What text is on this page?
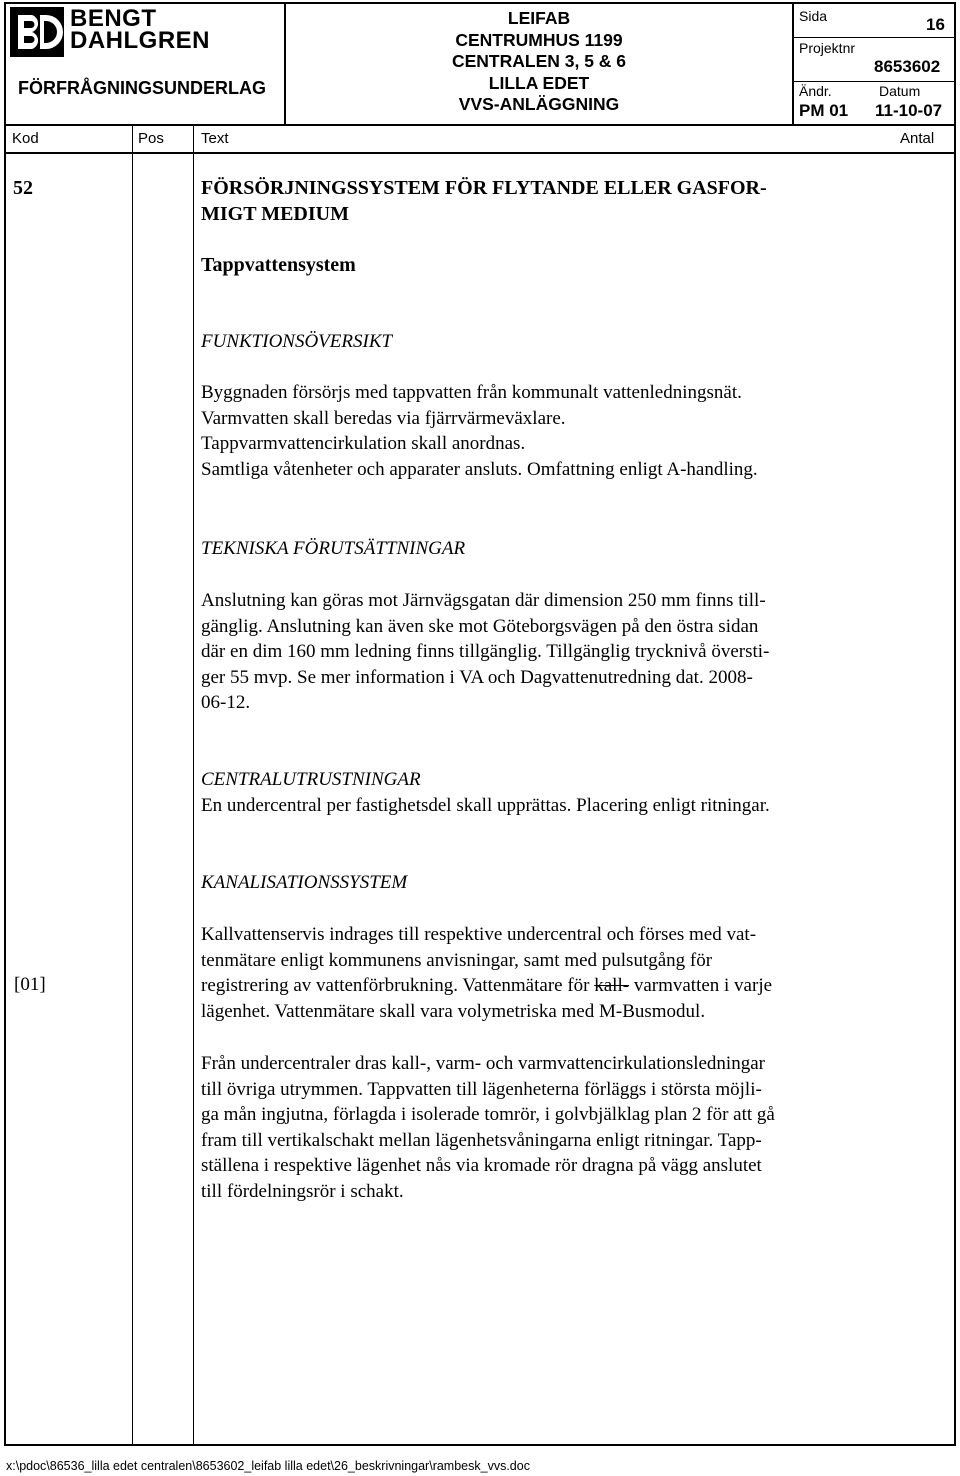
BENGT
DAHLGREN
FÖRFRÅGNINGSUNDERLAG
LEIFAB
CENTRUMHUS 1199
CENTRALEN 3, 5 & 6
LILLA EDET
VVS-ANLÄGGNING
Sida	16
Projektnr
8653602
Ändr.	Datum
PM 01 11-10-07
Kod	Pos Text	Antal
52	FÖRSÖRJNINGSSYSTEM FÖR FLYTANDE ELLER GASFOR-
MIGT MEDIUM
Tappvattensystem
FUNKTIONSÖVERSIKT
Byggnaden försörjs med tappvatten från kommunalt vattenledningsnät.
Varmvatten skall beredas via fjärrvärmeväxlare.
Tappvarmvattencirkulation skall anordnas.
Samtliga våtenheter och apparater ansluts. Omfattning enligt A-handling.
TEKNISKA FÖRUTSÄTTNINGAR
Anslutning kan göras mot Järnvägsgatan där dimension 250 mm finns till-
gänglig. Anslutning kan även ske mot Göteborgsvägen på den östra sidan
där en dim 160 mm ledning finns tillgänglig. Tillgänglig trycknivå översti-
ger 55 mvp. Se mer information i VA och Dagvattenutredning dat. 2008-
06-12.
CENTRALUTRUSTNINGAR
En undercentral per fastighetsdel skall upprättas. Placering enligt ritningar.
KANALISATIONSSYSTEM
[01]
Kallvattenservis indrages till respektive undercentral och förses med vat-
tenmätare enligt kommunens anvisningar, samt med pulsutgång för
registrering av vattenförbrukning. Vattenmätare för kall- varmvatten i varje
lägenhet. Vattenmätare skall vara volymetriska med M-Busmodul.
Från undercentraler dras kall-, varm- och varmvattencirkulationsledningar
till övriga utrymmen. Tappvatten till lägenheterna förläggs i största möjli-
ga mån ingjutna, förlagda i isolerade tomrör, i golvbjälklag plan 2 för att gå
fram till vertikalschakt mellan lägenhetsvåningarna enligt ritningar. Tapp-
ställena i respektive lägenhet nås via kromade rör dragna på vägg anslutet
till fördelningsrör i schakt.
x:\pdoc\86536_lilla edet centralen\8653602_leifab lilla edet\26_beskrivningar\rambesk_vvs.doc
